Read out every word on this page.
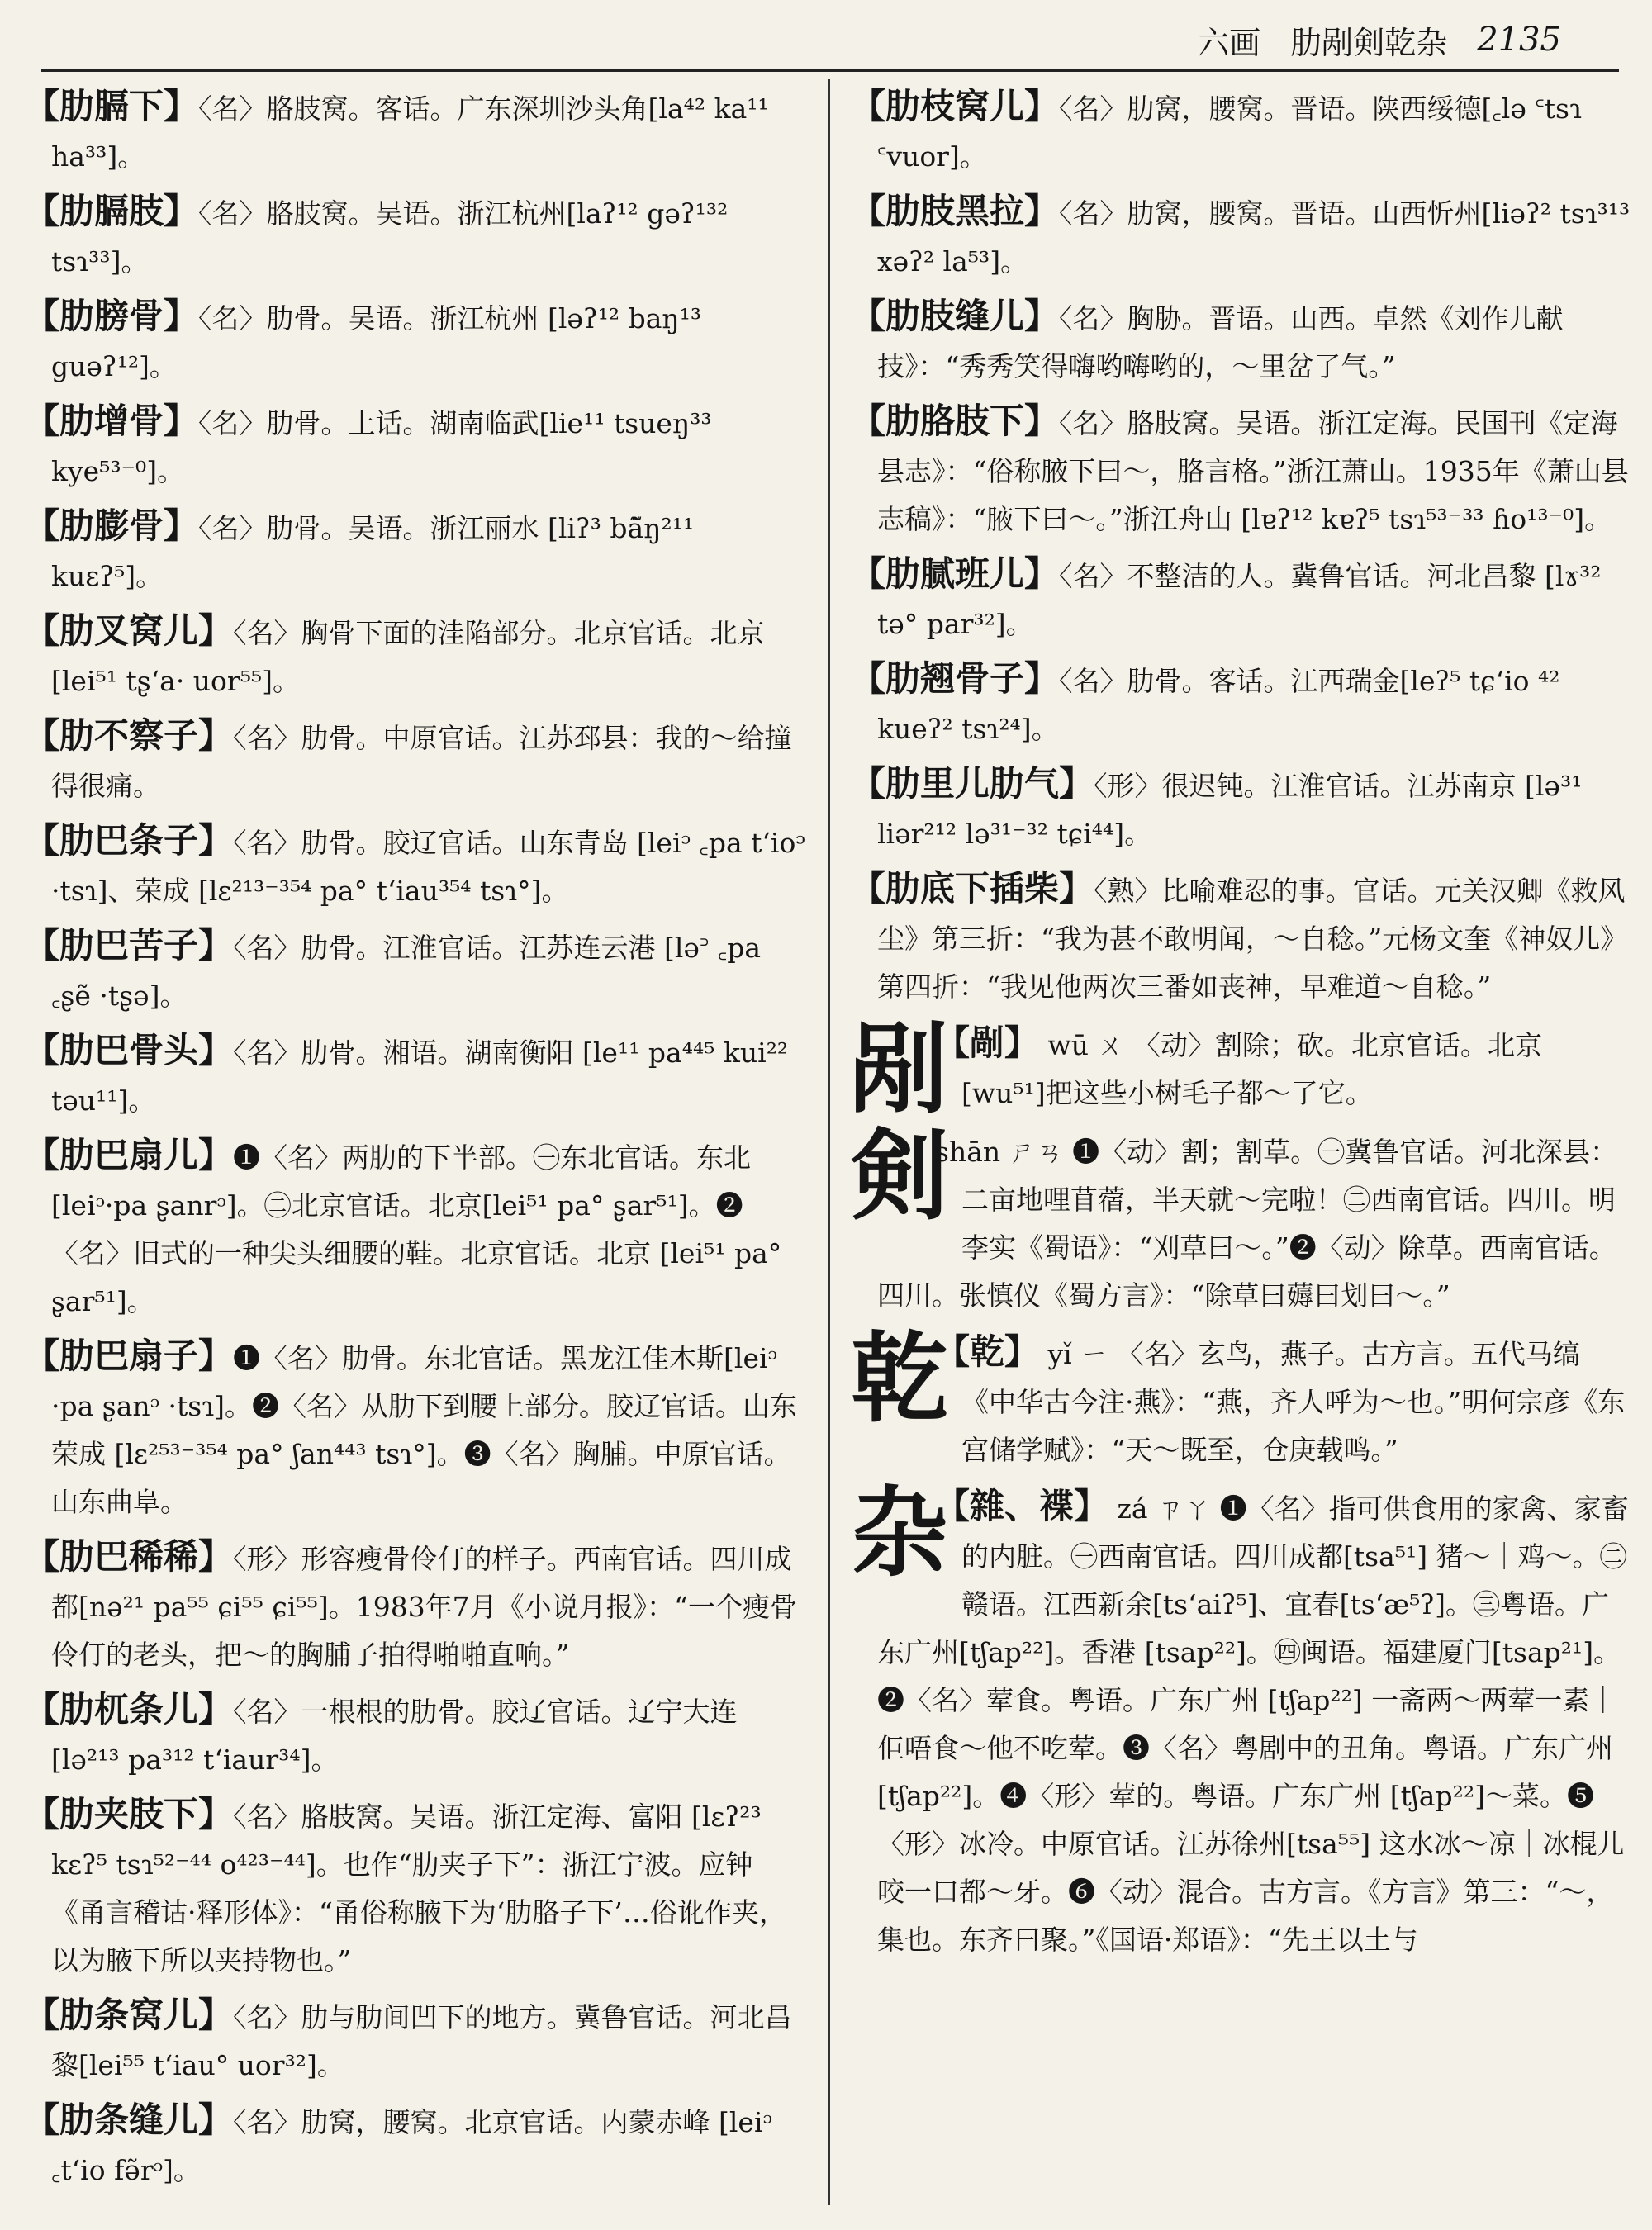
六画 肋剐剣乾杂 2135
【肋膈下】〈名〉胳肢窝。客话。广东深圳沙头角[la⁴² ka¹¹ ha³³]。
【肋膈肢】〈名〉胳肢窝。吴语。浙江杭州[laʔ¹² gəʔ¹³² tsɿ³³]。
【肋膀骨】〈名〉肋骨。吴语。浙江杭州 [ləʔ¹² baŋ¹³ guəʔ¹²]。
【肋增骨】〈名〉肋骨。土话。湖南临武[lie¹¹ tsueŋ³³ kye⁵³⁻⁰]。
【肋膨骨】〈名〉肋骨。吴语。浙江丽水 [liʔ³ bã̃ŋ²¹¹ kuɛʔ⁵]。
【肋叉窝儿】〈名〉胸骨下面的洼陷部分。北京官话。北京 [lei⁵¹ tʂʻa· uor⁵⁵]。
【肋不察子】〈名〉肋骨。中原官话。江苏邳县：我的～给撞得很痛。
【肋巴条子】〈名〉肋骨。胶辽官话。山东青岛 [leiᵓ ꜀pa tʻioᵓ ·tsɿ]、荣成 [lɛ²¹³⁻³⁵⁴ pa° tʻiau³⁵⁴ tsɿ°]。
【肋巴苦子】〈名〉肋骨。江淮官话。江苏连云港 [lə꜄ ꜀pa ꜀ʂẽ ·tʂə]。
【肋巴骨头】〈名〉肋骨。湘语。湖南衡阳 [le¹¹ pa⁴⁴⁵ kui²² təu¹¹]。
【肋巴扇儿】❶〈名〉两肋的下半部。㊀东北官话。东北 [leiᵓ·pa ʂanrᵓ]。㊁北京官话。北京[lei⁵¹ pa° ʂar⁵¹]。❷〈名〉旧式的一种尖头细腰的鞋。北京官话。北京 [lei⁵¹ pa° ʂar⁵¹]。
【肋巴扇子】❶〈名〉肋骨。东北官话。黑龙江佳木斯[leiᵓ ·pa ʂanᵓ ·tsɿ]。❷〈名〉从肋下到腰上部分。胶辽官话。山东荣成 [lɛ²⁵³⁻³⁵⁴ pa° ʃan⁴⁴³ tsɿ°]。❸〈名〉胸脯。中原官话。山东曲阜。
【肋巴稀稀】〈形〉形容瘦骨伶仃的样子。西南官话。四川成都[nə²¹ pa⁵⁵ ɕi⁵⁵ ɕi⁵⁵]。1983年7月《小说月报》：“一个瘦骨伶仃的老头，把～的胸脯子拍得啪啪直响。”
【肋杌条儿】〈名〉一根根的肋骨。胶辽官话。辽宁大连[lə²¹³ pa³¹² tʻiaur³⁴]。
【肋夹肢下】〈名〉胳肢窝。吴语。浙江定海、富阳 [lɛʔ²³ kɛʔ⁵ tsɿ⁵²⁻⁴⁴ o⁴²³⁻⁴⁴]。也作“肋夹子下”：浙江宁波。应钟《甬言稽诂·释形体》：“甬俗称腋下为‘肋胳子下’…俗讹作夹，以为腋下所以夹持物也。”
【肋条窝儿】〈名〉肋与肋间凹下的地方。冀鲁官话。河北昌黎[lei⁵⁵ tʻiau° uor³²]。
【肋条缝儿】〈名〉肋窝，腰窝。北京官话。内蒙赤峰 [leiᵓ ꜀tʻio fə̃rᵓ]。
【肋枝窝儿】〈名〉肋窝，腰窝。晋语。陕西绥德[꜀lə ꜂tsɿ ꜂vuor]。
【肋肢黑拉】〈名〉肋窝，腰窝。晋语。山西忻州[liəʔ² tsɿ³¹³ xəʔ² la⁵³]。
【肋肢缝儿】〈名〉胸胁。晋语。山西。卓然《刘作儿献技》：“秀秀笑得嗨哟嗨哟的，～里岔了气。”
【肋胳肢下】〈名〉胳肢窝。吴语。浙江定海。民国刊《定海县志》：“俗称腋下曰～，胳言格。”浙江萧山。1935年《萧山县志稿》：“腋下曰～。”浙江舟山 [lɐʔ¹² kɐʔ⁵ tsɿ⁵³⁻³³ ɦo¹³⁻⁰]。
【肋腻班儿】〈名〉不整洁的人。冀鲁官话。河北昌黎 [lɤ³² tə° par³²]。
【肋翘骨子】〈名〉肋骨。客话。江西瑞金[leʔ⁵ tɕʻio ⁴² kueʔ² tsɿ²⁴]。
【肋里儿肋气】〈形〉很迟钝。江淮官话。江苏南京 [lə³¹ liər²¹² lə³¹⁻³² tɕi⁴⁴]。
【肋底下插柴】〈熟〉比喻难忍的事。官话。元关汉卿《救风尘》第三折：“我为甚不敢明闻，～自稔。”元杨文奎《神奴儿》第四折：“我见他两次三番如丧神，早难道～自稔。”
剐
【剮】 wū ㄨ 〈动〉割除；砍。北京官话。北京 [wu⁵¹]把这些小树毛子都～了它。
剣
shān ㄕㄢ ❶〈动〉割；割草。㊀冀鲁官话。河北深县：二亩地哩苜蓿，半天就～完啦！㊁西南官话。四川。明李实《蜀语》：“刈草曰～。”❷〈动〉除草。西南官话。四川。张慎仪《蜀方言》：“除草曰薅曰划曰～。”
乾
【乾】 yǐ ㄧ 〈名〉玄鸟，燕子。古方言。五代马缟《中华古今注·燕》：“燕，齐人呼为～也。”明何宗彦《东宫储学赋》：“天～既至，仓庚载鸣。”
杂
【雜、褋】 zá ㄗㄚ ❶〈名〉指可供食用的家禽、家畜的内脏。㊀西南官话。四川成都[tsa⁵¹] 猪～｜鸡～。㊁赣语。江西新余[tsʻaiʔ⁵]、宜春[tsʻæ⁵ʔ]。㊂粤语。广东广州[tʃap²²]。香港 [tsap²²]。㊃闽语。福建厦门[tsap²¹]。❷〈名〉荤食。粤语。广东广州 [tʃap²²] 一斋两～两荤一素｜佢唔食～他不吃荤。❸〈名〉粤剧中的丑角。粤语。广东广州[tʃap²²]。❹〈形〉荤的。粤语。广东广州 [tʃap²²]～菜。❺〈形〉冰冷。中原官话。江苏徐州[tsa⁵⁵] 这水冰～凉｜冰棍儿咬一口都～牙。❻〈动〉混合。古方言。《方言》第三：“～，集也。东齐曰聚。”《国语·郑语》：“先王以土与
